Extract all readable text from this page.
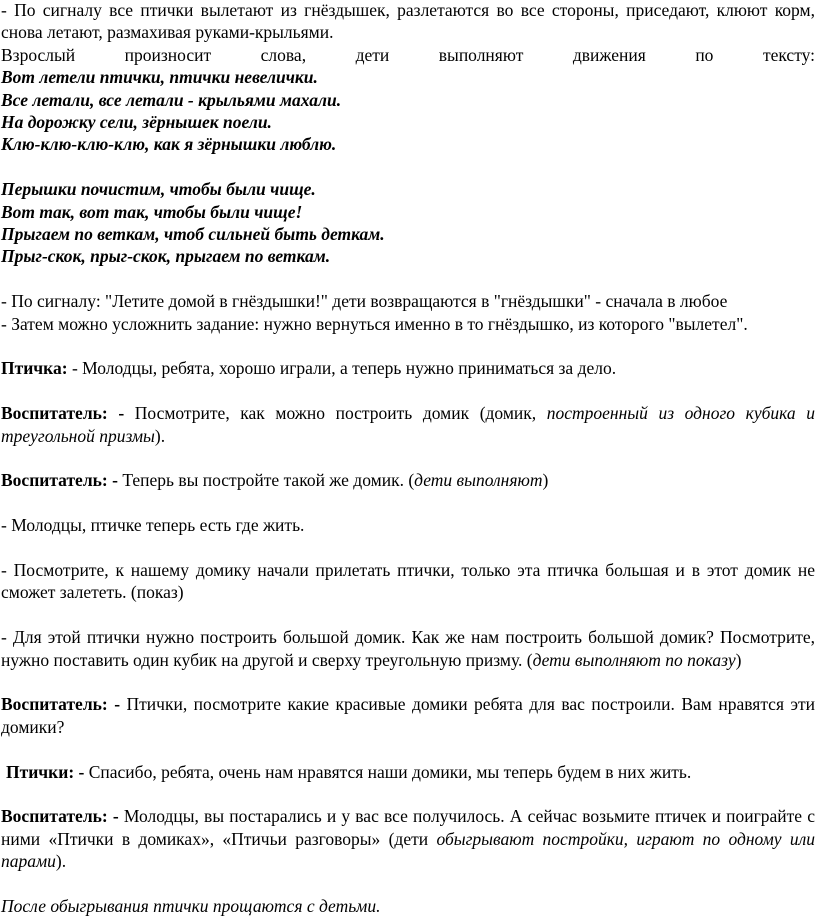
- По сигналу все птички вылетают из гнёздышек, разлетаются во все стороны, приседают, клюют корм,

снова летают, размахивая руками-крыльями.

Взрослый произносит слова, дети выполняют движения по тексту:

Вот летели птички, птички невелички.

Все летали, все летали - крыльями махали.

На дорожку сели, зёрнышек поели.

Клю-клю-клю-клю, как я зёрнышки люблю.

Перышки почистим, чтобы были чище.

Вот так, вот так, чтобы были чище!

Прыгаем по веткам, чтоб сильней быть деткам.

Прыг-скок, прыг-скок, прыгаем по веткам.

- По сигналу: "Летите домой в гнёздышки!" дети возвращаются в "гнёздышки" - сначала в любое

- Затем можно усложнить задание: нужно вернуться именно в то гнёздышко, из которого "вылетел".

Птичка: - Молодцы, ребята, хорошо играли, а теперь нужно приниматься за дело.

Воспитатель: - Посмотрите, как можно построить домик (домик, построенный из одного кубика и треугольной призмы).

Воспитатель: - Теперь вы постройте такой же домик. (дети выполняют)

- Молодцы, птичке теперь есть где жить.

- Посмотрите, к нашему домику начали прилетать птички, только эта птичка большая и в этот домик не сможет залететь. (показ)

- Для этой птички нужно построить большой домик. Как же нам построить большой домик? Посмотрите, нужно поставить один кубик на другой и сверху треугольную призму. (дети выполняют по показу)

Воспитатель: - Птички, посмотрите какие красивые домики ребята для вас построили. Вам нравятся эти домики?

Птички: - Спасибо, ребята, очень нам нравятся наши домики, мы теперь будем в них жить.

Воспитатель: - Молодцы, вы постарались и у вас все получилось. А сейчас возьмите птичек и поиграйте с ними «Птички в домиках», «Птичьи разговоры» (дети обыгрывают постройки, играют по одному или парами).

После обыгрывания птички прощаются с детьми.
